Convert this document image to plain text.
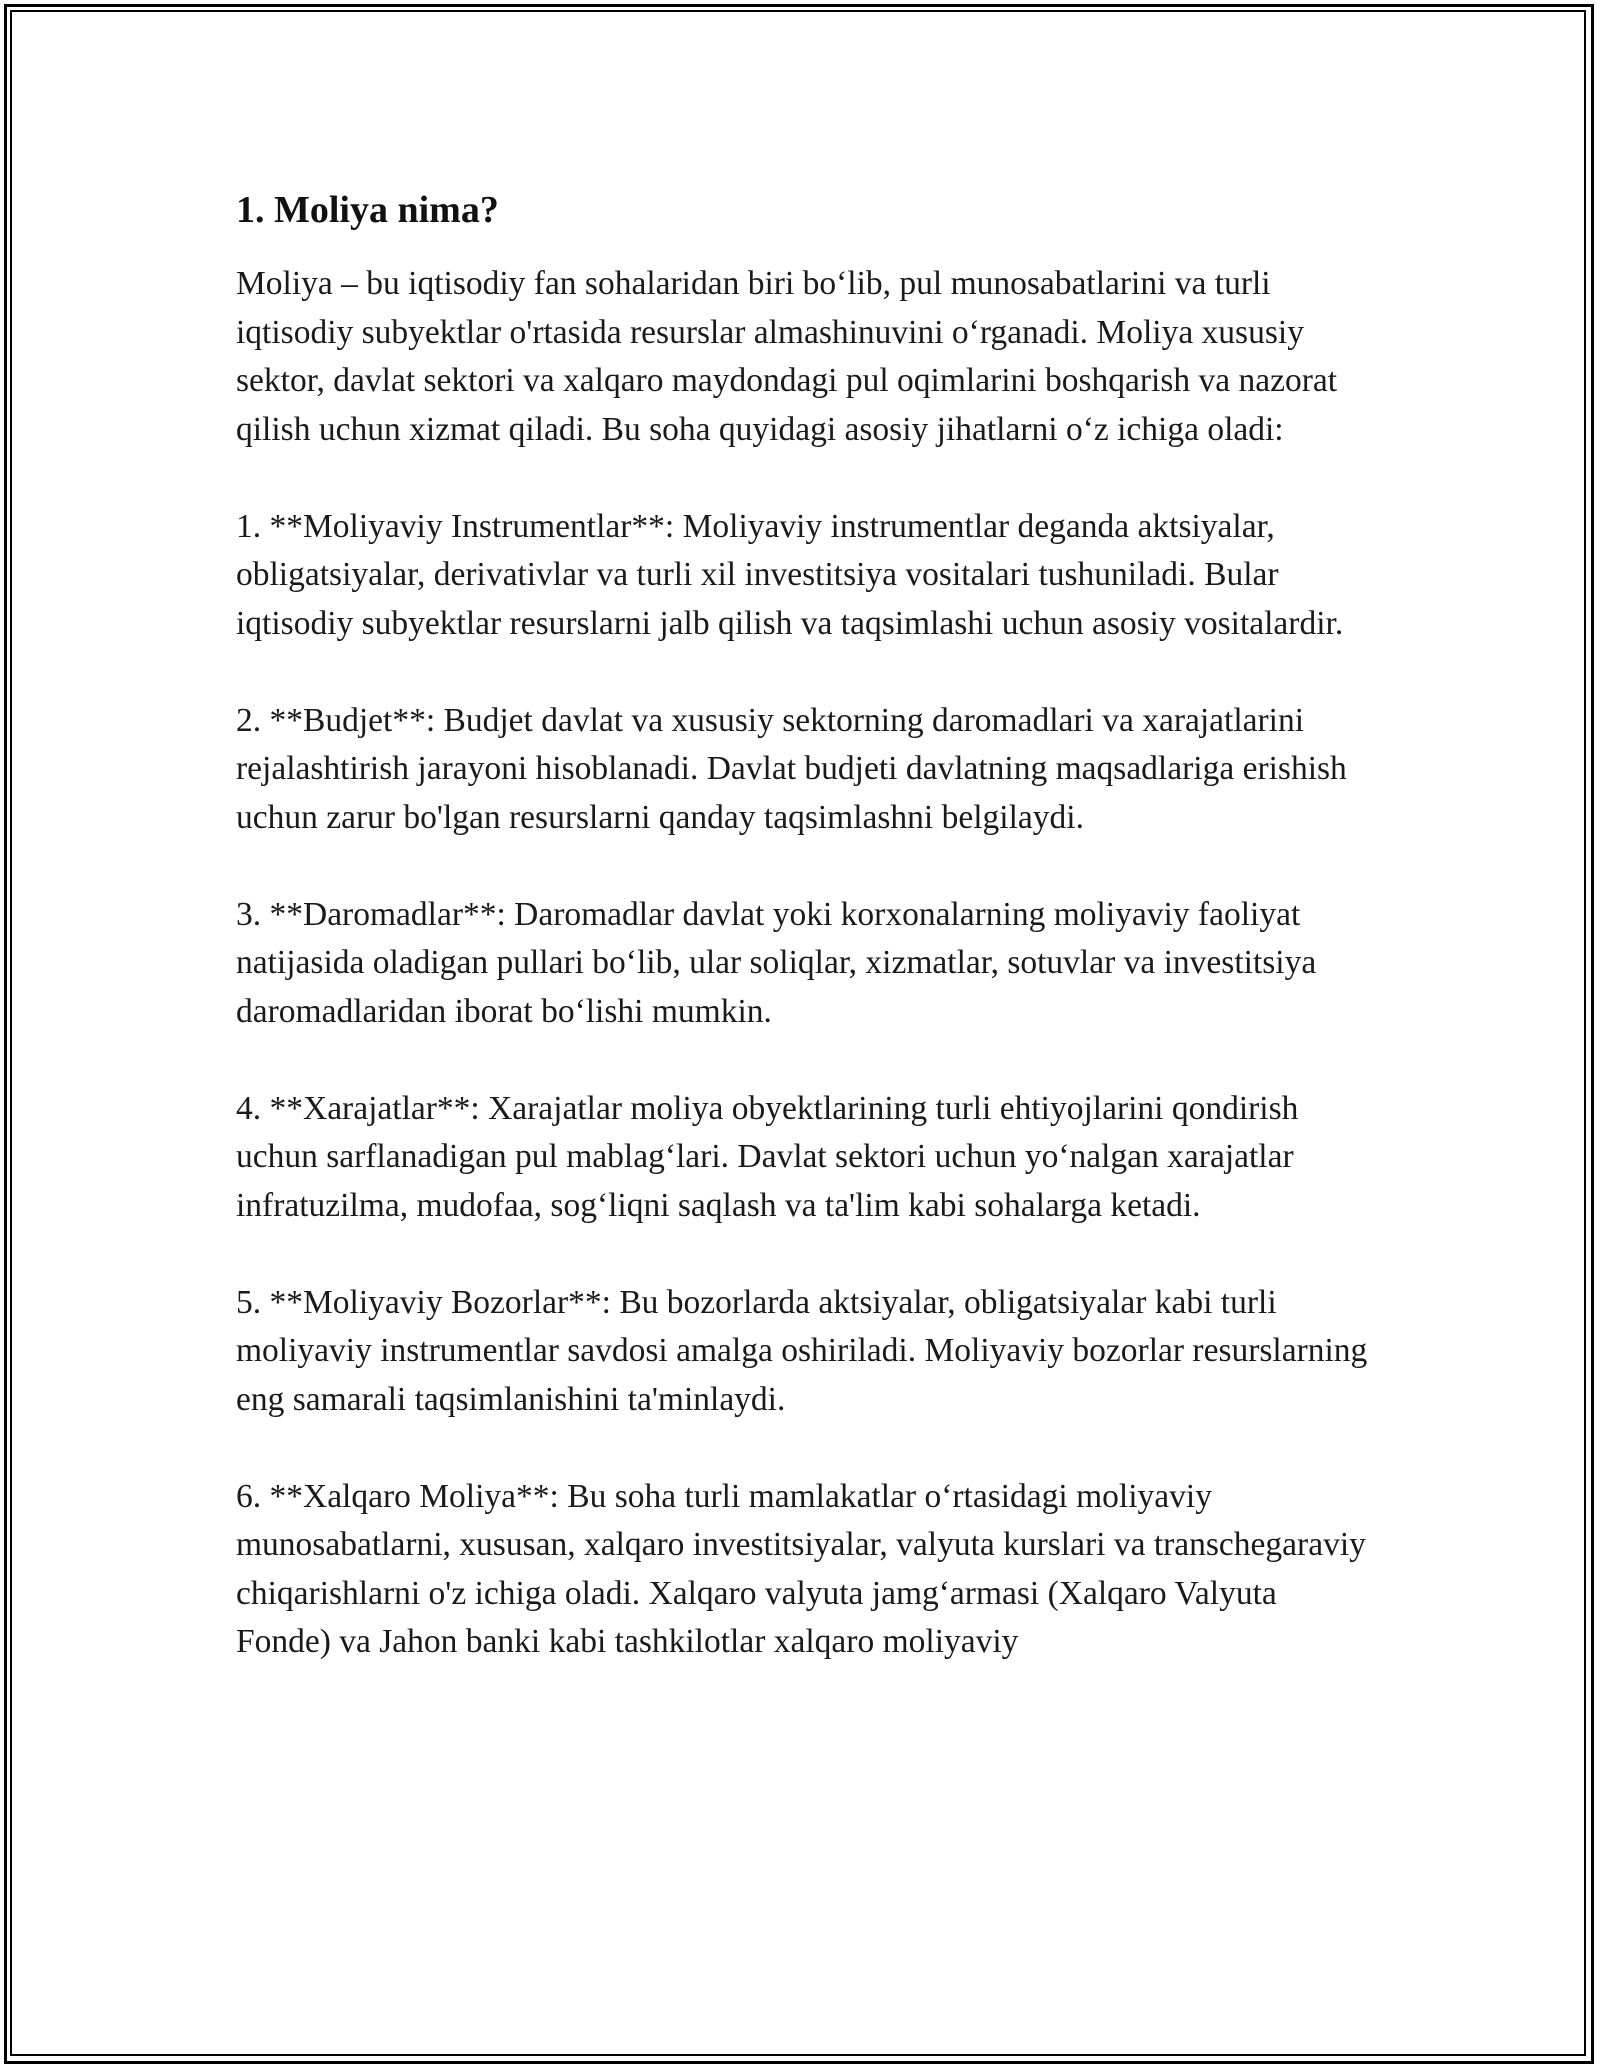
1. Moliya nima?

Moliya – bu iqtisodiy fan sohalaridan biri bo‘lib, pul munosabatlarini va turli iqtisodiy subyektlar o'rtasida resurslar almashinuvini o‘rganadi. Moliya xususiy sektor, davlat sektori va xalqaro maydondagi pul oqimlarini boshqarish va nazorat qilish uchun xizmat qiladi. Bu soha quyidagi asosiy jihatlarni o‘z ichiga oladi:

1. **Moliyaviy Instrumentlar**: Moliyaviy instrumentlar deganda aktsiyalar, obligatsiyalar, derivativlar va turli xil investitsiya vositalari tushuniladi. Bular iqtisodiy subyektlar resurslarni jalb qilish va taqsimlashi uchun asosiy vositalardir.

2. **Budjet**: Budjet davlat va xususiy sektorning daromadlari va xarajatlarini rejalashtirish jarayoni hisoblanadi. Davlat budjeti davlatning maqsadlariga erishish uchun zarur bo'lgan resurslarni qanday taqsimlashni belgilaydi.

3. **Daromadlar**: Daromadlar davlat yoki korxonalarning moliyaviy faoliyat natijasida oladigan pullari bo‘lib, ular soliqlar, xizmatlar, sotuvlar va investitsiya daromadlaridan iborat bo‘lishi mumkin.

4. **Xarajatlar**: Xarajatlar moliya obyektlarining turli ehtiyojlarini qondirish uchun sarflanadigan pul mablag‘lari. Davlat sektori uchun yo‘nalgan xarajatlar infratuzilma, mudofaa, sog‘liqni saqlash va ta'lim kabi sohalarga ketadi.

5. **Moliyaviy Bozorlar**: Bu bozorlarda aktsiyalar, obligatsiyalar kabi turli moliyaviy instrumentlar savdosi amalga oshiriladi. Moliyaviy bozorlar resurslarning eng samarali taqsimlanishini ta'minlaydi.

6. **Xalqaro Moliya**: Bu soha turli mamlakatlar o‘rtasidagi moliyaviy munosabatlarni, xususan, xalqaro investitsiyalar, valyuta kurslari va transchegaraviy chiqarishlarni o'z ichiga oladi. Xalqaro valyuta jamg‘armasi (Xalqaro Valyuta Fonde) va Jahon banki kabi tashkilotlar xalqaro moliyaviy
